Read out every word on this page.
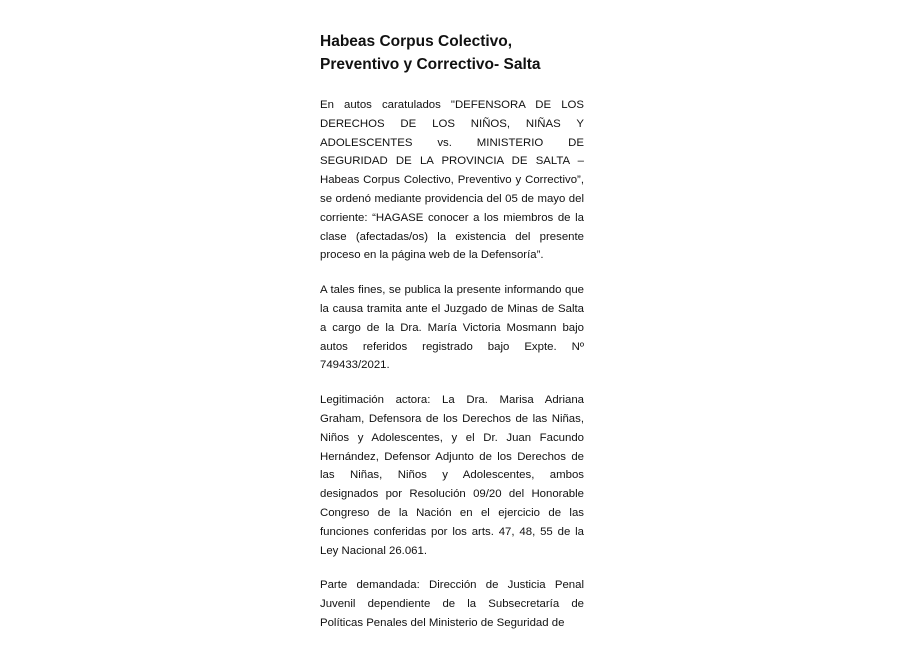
Habeas Corpus Colectivo, Preventivo y Correctivo- Salta

En autos caratulados "DEFENSORA DE LOS DERECHOS DE LOS NIÑOS, NIÑAS Y ADOLESCENTES vs. MINISTERIO DE SEGURIDAD DE LA PROVINCIA DE SALTA – Habeas Corpus Colectivo, Preventivo y Correctivo”, se ordenó mediante providencia del 05 de mayo del corriente: “HAGASE conocer a los miembros de la clase (afectadas/os) la existencia del presente proceso en la página web de la Defensoría”.

A tales fines, se publica la presente informando que la causa tramita ante el Juzgado de Minas de Salta a cargo de la Dra. María Victoria Mosmann bajo autos referidos registrado bajo Expte. Nº 749433/2021.

Legitimación actora: La Dra. Marisa Adriana Graham, Defensora de los Derechos de las Niñas, Niños y Adolescentes, y el Dr. Juan Facundo Hernández, Defensor Adjunto de los Derechos de las Niñas, Niños y Adolescentes, ambos designados por Resolución 09/20 del Honorable Congreso de la Nación en el ejercicio de las funciones conferidas por los arts. 47, 48, 55 de la Ley Nacional 26.061.

Parte demandada: Dirección de Justicia Penal Juvenil dependiente de la Subsecretaría de Políticas Penales del Ministerio de Seguridad de
